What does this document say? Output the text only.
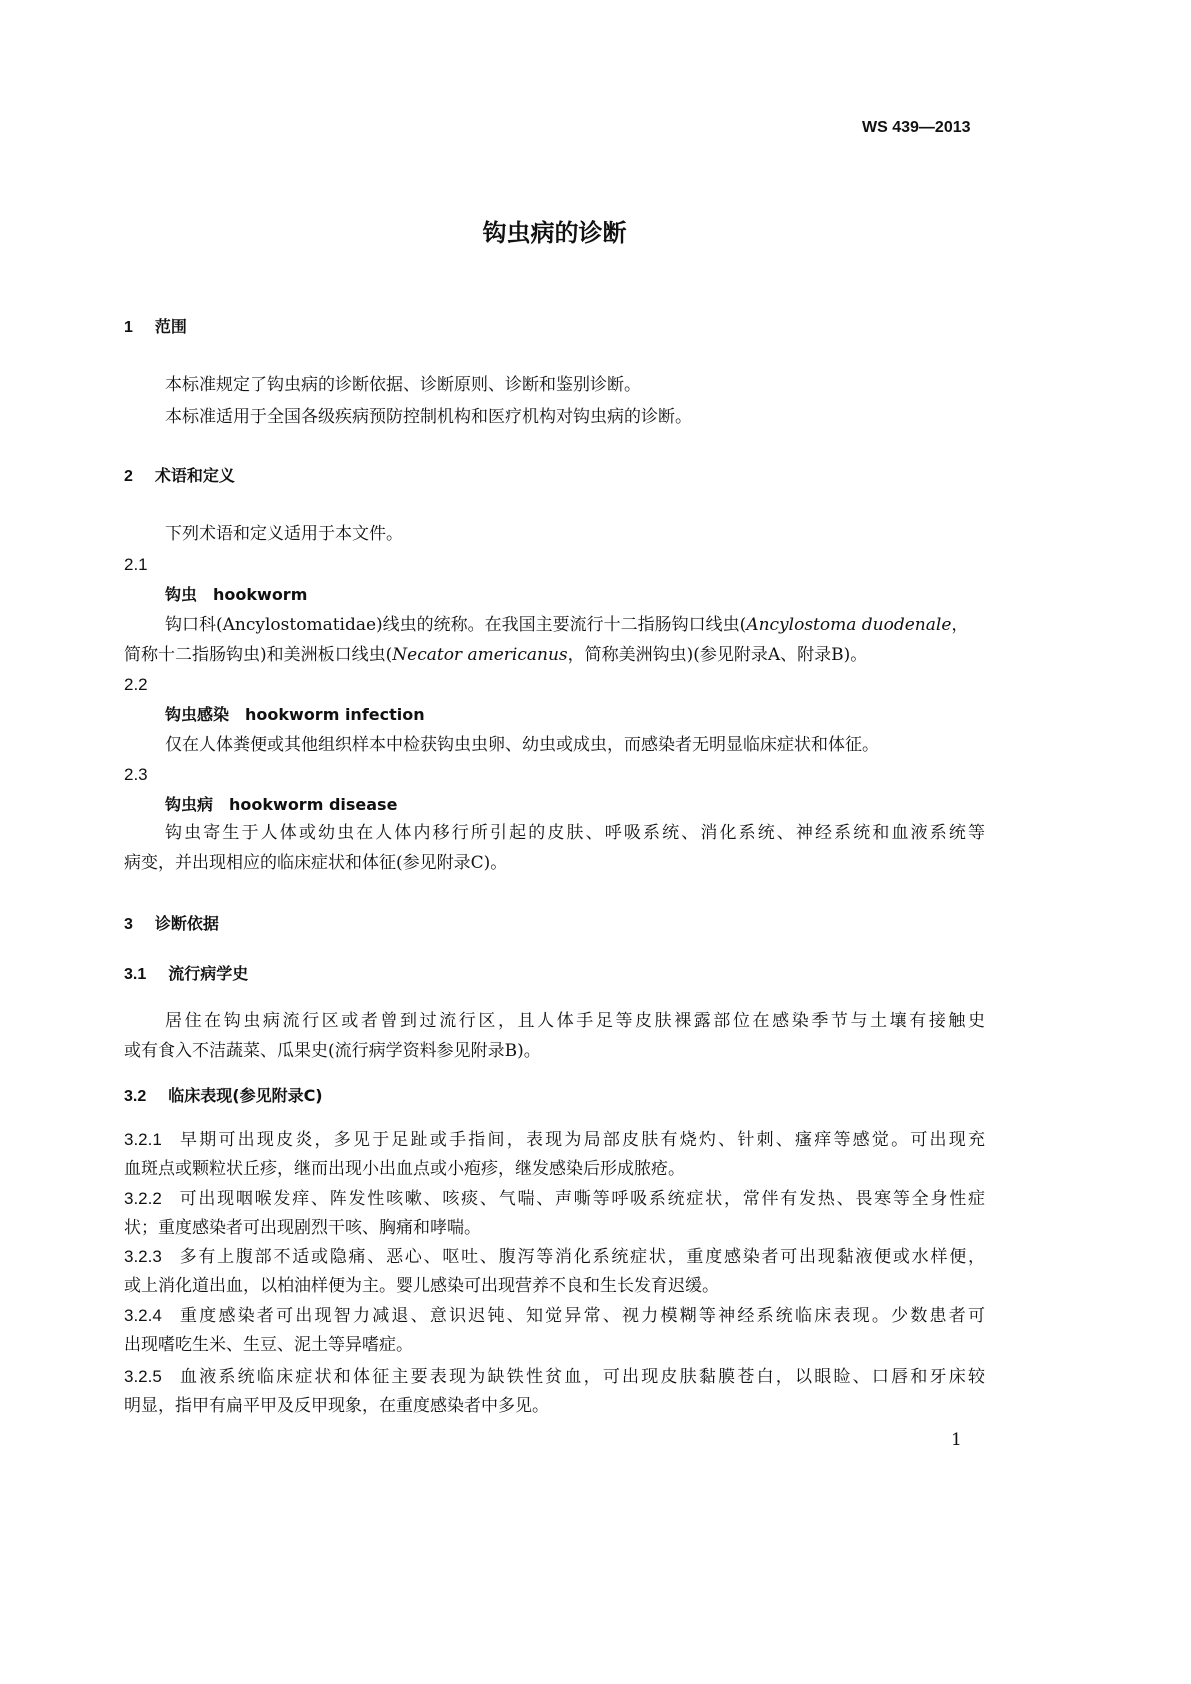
WS 439—2013
钩虫病的诊断
1 范围
本标准规定了钩虫病的诊断依据、诊断原则、诊断和鉴别诊断。
本标准适用于全国各级疾病预防控制机构和医疗机构对钩虫病的诊断。
2 术语和定义
下列术语和定义适用于本文件。
2.1
钩虫 hookworm
钩口科(Ancylostomatidae)线虫的统称。在我国主要流行十二指肠钩口线虫(Ancylostoma duodenale，
简称十二指肠钩虫)和美洲板口线虫(Necator americanus，简称美洲钩虫)(参见附录A、附录B)。
2.2
钩虫感染 hookworm infection
仅在人体粪便或其他组织样本中检获钩虫虫卵、幼虫或成虫，而感染者无明显临床症状和体征。
2.3
钩虫病 hookworm disease
钩虫寄生于人体或幼虫在人体内移行所引起的皮肤、呼吸系统、消化系统、神经系统和血液系统等
病变，并出现相应的临床症状和体征(参见附录C)。
3 诊断依据
3.1 流行病学史
居住在钩虫病流行区或者曾到过流行区，且人体手足等皮肤裸露部位在感染季节与土壤有接触史
或有食入不洁蔬菜、瓜果史(流行病学资料参见附录B)。
3.2 临床表现(参见附录C)
3.2.1 早期可出现皮炎，多见于足趾或手指间，表现为局部皮肤有烧灼、针刺、瘙痒等感觉。可出现充
血斑点或颗粒状丘疹，继而出现小出血点或小疱疹，继发感染后形成脓疮。
3.2.2 可出现咽喉发痒、阵发性咳嗽、咳痰、气喘、声嘶等呼吸系统症状，常伴有发热、畏寒等全身性症
状；重度感染者可出现剧烈干咳、胸痛和哮喘。
3.2.3 多有上腹部不适或隐痛、恶心、呕吐、腹泻等消化系统症状，重度感染者可出现黏液便或水样便，
或上消化道出血，以柏油样便为主。婴儿感染可出现营养不良和生长发育迟缓。
3.2.4 重度感染者可出现智力减退、意识迟钝、知觉异常、视力模糊等神经系统临床表现。少数患者可
出现嗜吃生米、生豆、泥土等异嗜症。
3.2.5 血液系统临床症状和体征主要表现为缺铁性贫血，可出现皮肤黏膜苍白，以眼睑、口唇和牙床较
明显，指甲有扁平甲及反甲现象，在重度感染者中多见。
1
